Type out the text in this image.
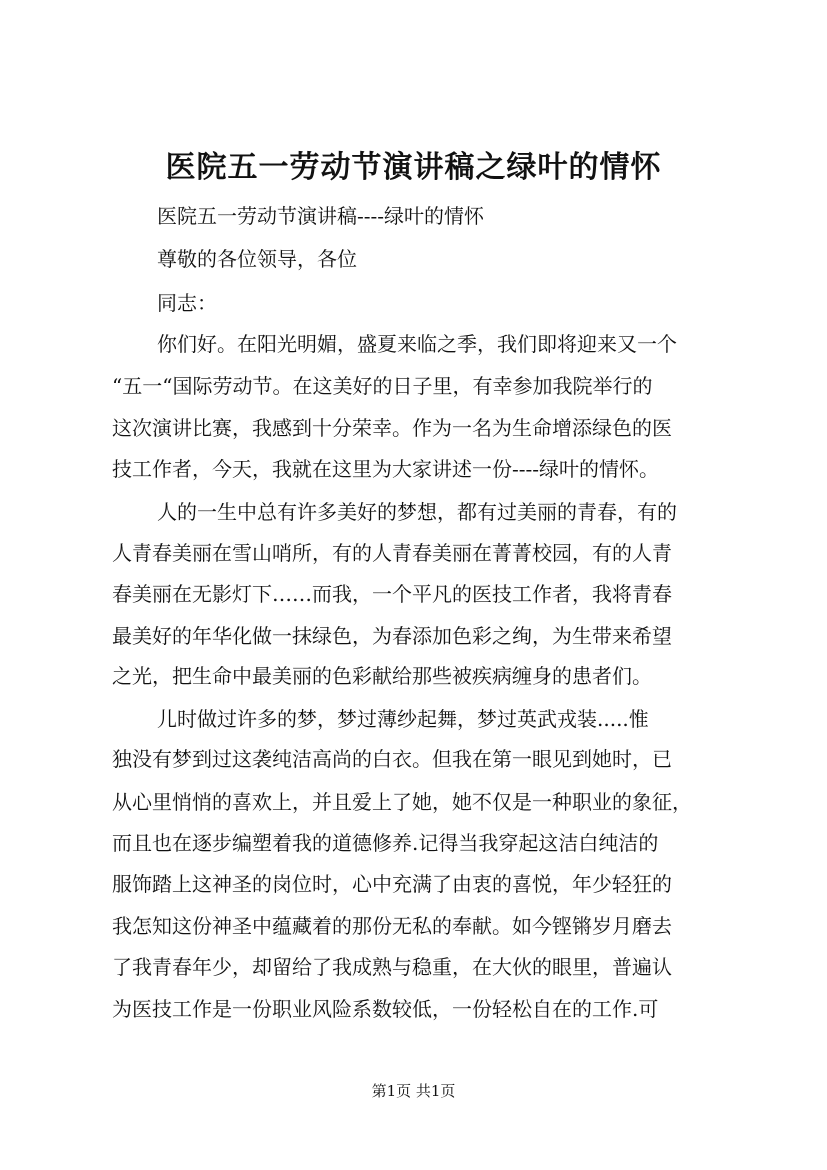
医院五一劳动节演讲稿之绿叶的情怀

医院五一劳动节演讲稿----绿叶的情怀

尊敬的各位领导，各位

同志：

你们好。在阳光明媚，盛夏来临之季，我们即将迎来又一个

“五一“国际劳动节。在这美好的日子里，有幸参加我院举行的

这次演讲比赛，我感到十分荣幸。作为一名为生命增添绿色的医

技工作者，今天，我就在这里为大家讲述一份----绿叶的情怀。

人的一生中总有许多美好的梦想，都有过美丽的青春，有的

人青春美丽在雪山哨所，有的人青春美丽在菁菁校园，有的人青

春美丽在无影灯下……而我，一个平凡的医技工作者，我将青春

最美好的年华化做一抹绿色，为春添加色彩之绚，为生带来希望

之光，把生命中最美丽的色彩献给那些被疾病缠身的患者们。

儿时做过许多的梦，梦过薄纱起舞，梦过英武戎装.....惟

独没有梦到过这袭纯洁高尚的白衣。但我在第一眼见到她时，已

从心里悄悄的喜欢上，并且爱上了她，她不仅是一种职业的象征，

而且也在逐步编塑着我的道德修养.记得当我穿起这洁白纯洁的

服饰踏上这神圣的岗位时，心中充满了由衷的喜悦，年少轻狂的

我怎知这份神圣中蕴藏着的那份无私的奉献。如今铿锵岁月磨去

了我青春年少，却留给了我成熟与稳重，在大伙的眼里，普遍认

为医技工作是一份职业风险系数较低，一份轻松自在的工作.可

第1页 共1页
